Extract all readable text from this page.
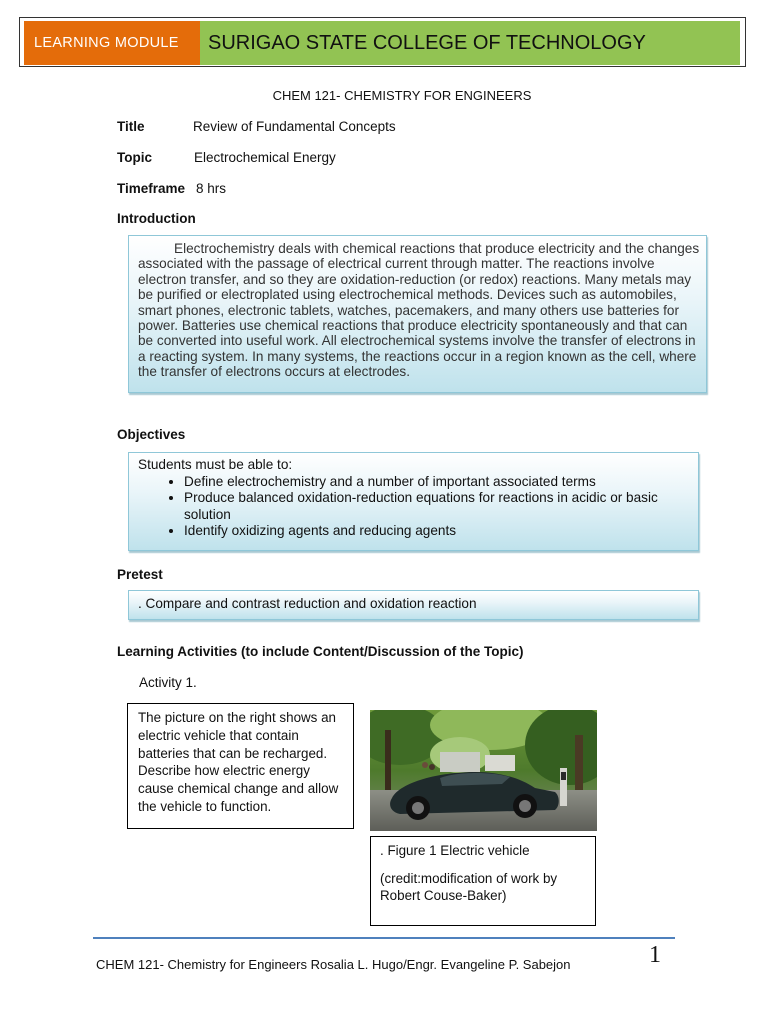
LEARNING MODULE	SURIGAO STATE COLLEGE OF TECHNOLOGY
CHEM 121- CHEMISTRY FOR ENGINEERS
Title	Review of Fundamental Concepts
Topic	Electrochemical Energy
Timeframe 8 hrs
Introduction
Electrochemistry deals with chemical reactions that produce electricity and the changes associated with the passage of electrical current through matter. The reactions involve electron transfer, and so they are oxidation-reduction (or redox) reactions. Many metals may be purified or electroplated using electrochemical methods. Devices such as automobiles, smart phones, electronic tablets, watches, pacemakers, and many others use batteries for power. Batteries use chemical reactions that produce electricity spontaneously and that can be converted into useful work. All electrochemical systems involve the transfer of electrons in a reacting system. In many systems, the reactions occur in a region known as the cell, where the transfer of electrons occurs at electrodes.
Objectives
Students must be able to:
• Define electrochemistry and a number of important associated terms
• Produce balanced oxidation-reduction equations for reactions in acidic or basic solution
• Identify oxidizing agents and reducing agents
Pretest
. Compare and contrast reduction and oxidation reaction
Learning Activities (to include Content/Discussion of the Topic)
Activity 1.
The picture on the right shows an electric vehicle that contain batteries that can be recharged. Describe how electric energy cause chemical change and allow the vehicle to function.

. Figure 1 Electric vehicle

(credit:modification of work by Robert Couse-Baker)

CHEM 121- Chemistry for Engineers Rosalia L. Hugo/Engr. Evangeline P. Sabejon	1
